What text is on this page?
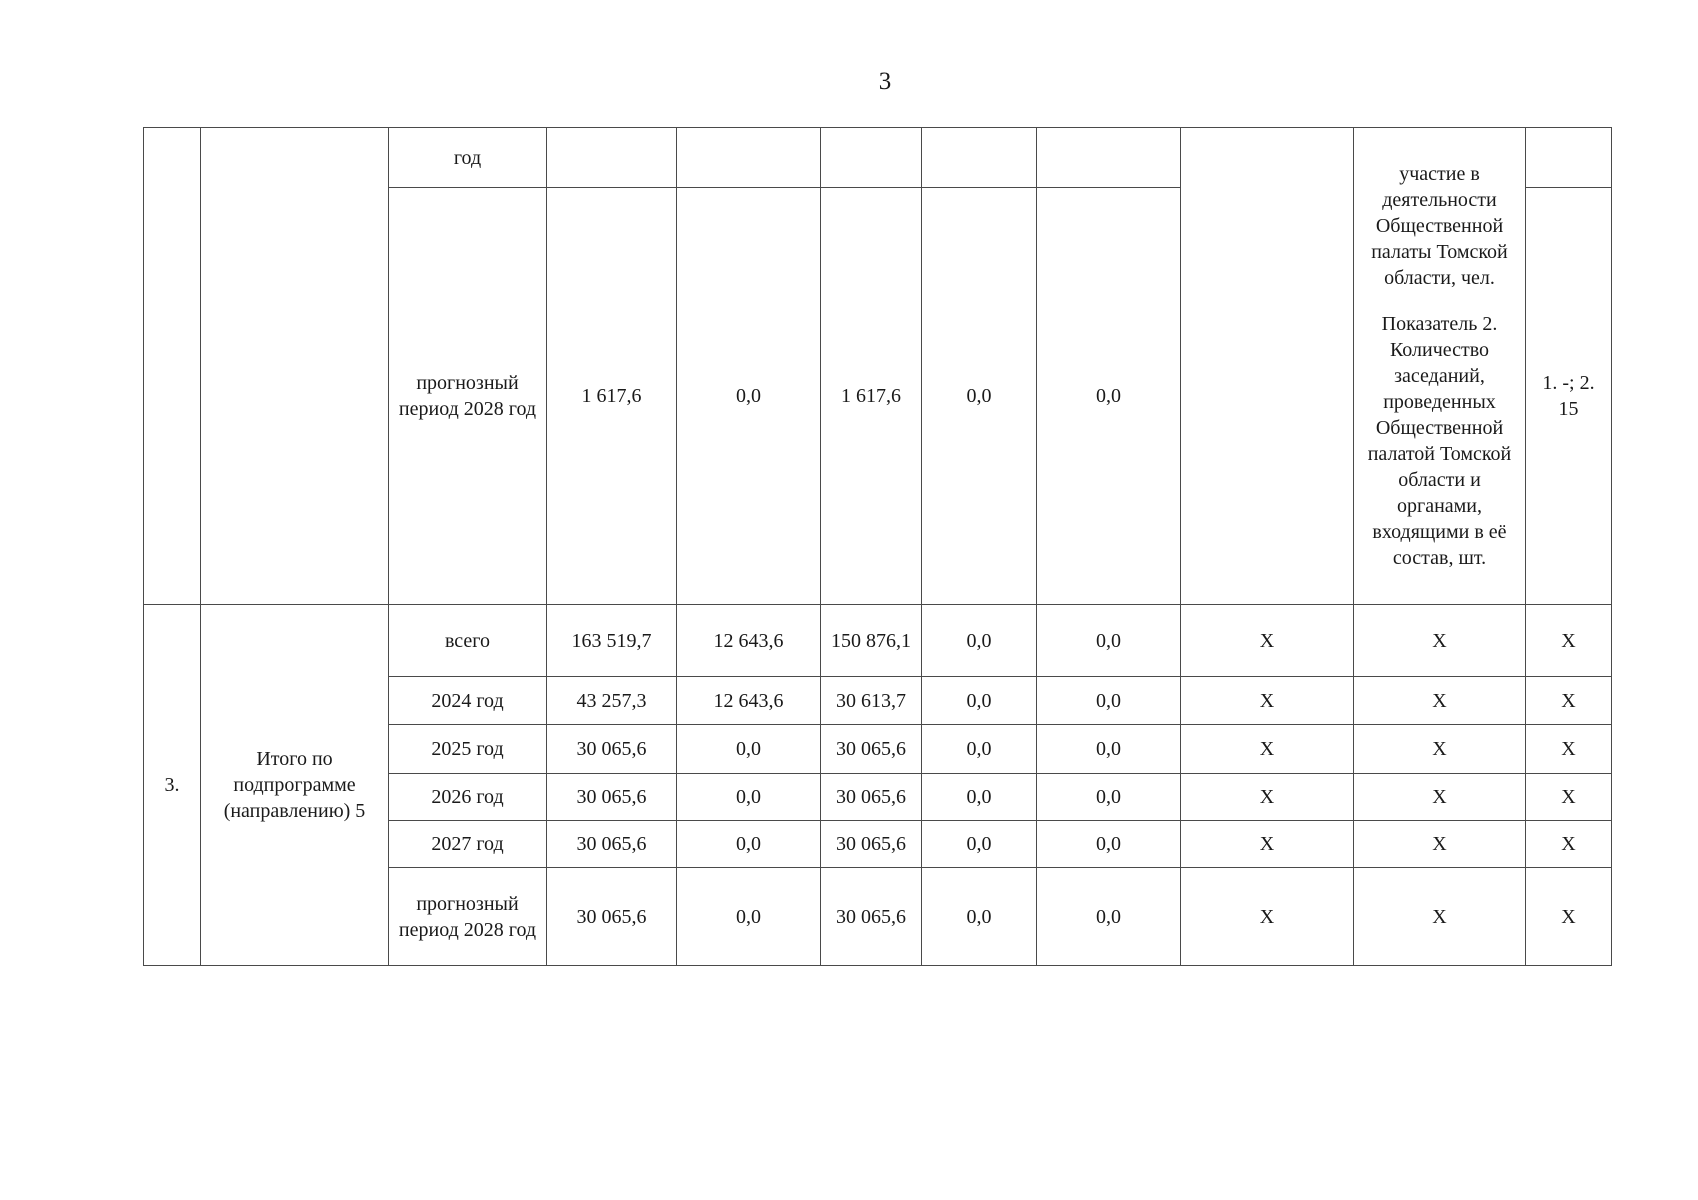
3
		год							участие в деятельности Общественной палаты Томской области, чел.
Показатель 2. Количество заседаний, проведенных Общественной палатой Томской области и органами, входящими в её состав, шт.	

		прогнозный период 2028 год	1 617,6	0,0	1 617,6	0,0	0,0			1. -; 2. 15
3.	Итого по подпрограмме (направлению) 5	всего	163 519,7	12 643,6	150 876,1	0,0	0,0	X	X	X
		2024 год	43 257,3	12 643,6	30 613,7	0,0	0,0	X	X	X
		2025 год	30 065,6	0,0	30 065,6	0,0	0,0	X	X	X
		2026 год	30 065,6	0,0	30 065,6	0,0	0,0	X	X	X
		2027 год	30 065,6	0,0	30 065,6	0,0	0,0	X	X	X
		прогнозный период 2028 год	30 065,6	0,0	30 065,6	0,0	0,0	X	X	X
